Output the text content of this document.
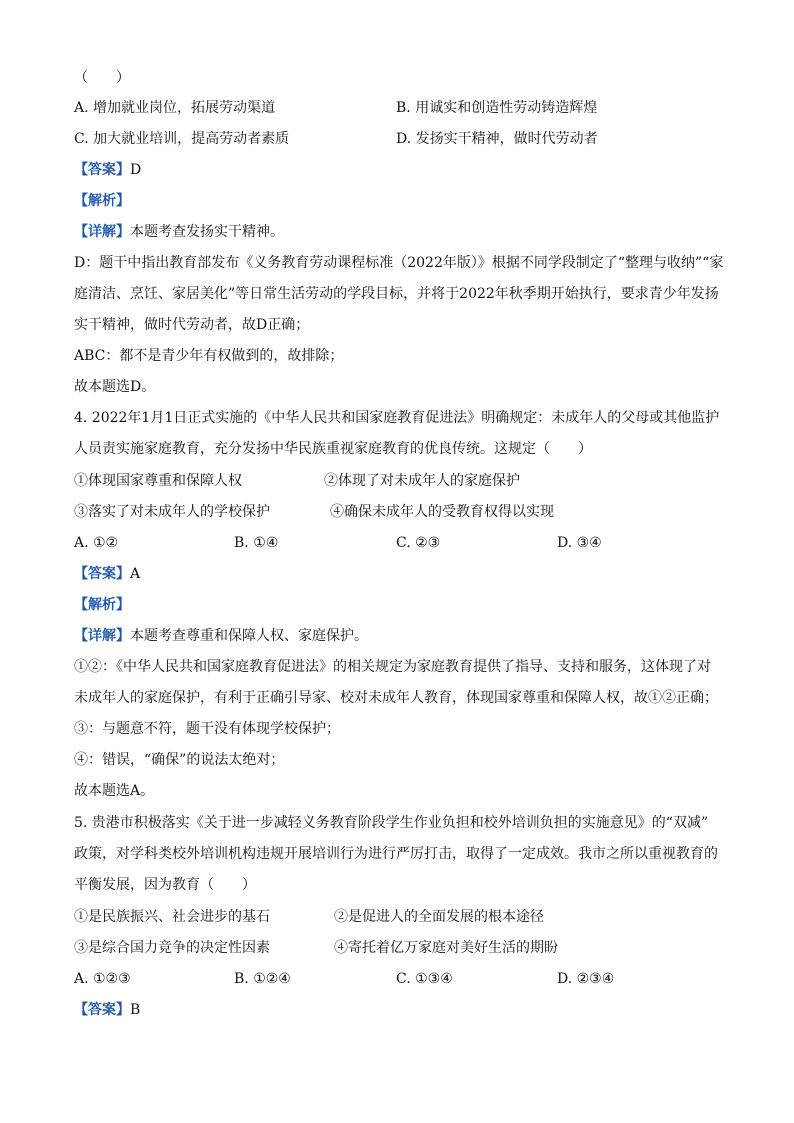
（　　）
A. 增加就业岗位，拓展劳动渠道	B. 用诚实和创造性劳动铸造辉煌
C. 加大就业培训，提高劳动者素质	D. 发扬实干精神，做时代劳动者
【答案】D
【解析】
【详解】本题考查发扬实干精神。
D：题干中指出教育部发布《义务教育劳动课程标准（2022年版）》根据不同学段制定了“整理与收纳”“家
庭清洁、烹饪、家居美化”等日常生活劳动的学段目标，并将于2022年秋季期开始执行，要求青少年发扬
实干精神，做时代劳动者，故D正确；
ABC：都不是青少年有权做到的，故排除；
故本题选D。
4. 2022年1月1日正式实施的《中华人民共和国家庭教育促进法》明确规定：未成年人的父母或其他监护
人员责实施家庭教育，充分发扬中华民族重视家庭教育的优良传统。这规定（　　）
①体现国家尊重和保障人权	②体现了对未成年人的家庭保护
③落实了对未成年人的学校保护	④确保未成年人的受教育权得以实现
A. ①②	B. ①④	C. ②③	D. ③④
【答案】A
【解析】
【详解】本题考查尊重和保障人权、家庭保护。
①②：《中华人民共和国家庭教育促进法》的相关规定为家庭教育提供了指导、支持和服务，这体现了对
未成年人的家庭保护，有利于正确引导家、校对未成年人教育，体现国家尊重和保障人权，故①②正确；
③：与题意不符，题干没有体现学校保护；
④：错误，“确保”的说法太绝对；
故本题选A。
5. 贵港市积极落实《关于进一步减轻义务教育阶段学生作业负担和校外培训负担的实施意见》的“双减”
政策，对学科类校外培训机构违规开展培训行为进行严厉打击，取得了一定成效。我市之所以重视教育的
平衡发展，因为教育（　　）
①是民族振兴、社会进步的基石	②是促进人的全面发展的根本途径
③是综合国力竞争的决定性因素	④寄托着亿万家庭对美好生活的期盼
A. ①②③	B. ①②④	C. ①③④	D. ②③④
【答案】B
